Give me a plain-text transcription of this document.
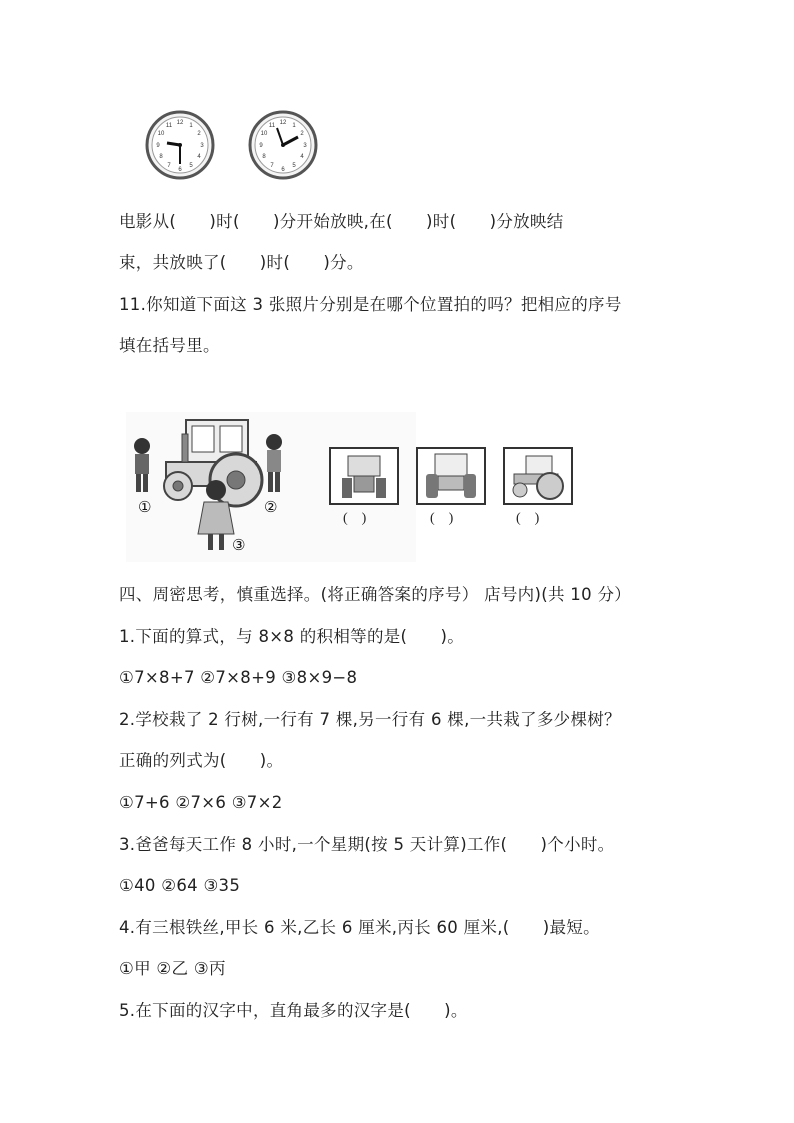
12 1
2
3
4
5
6
7
8
9
10
11	12 1
2
3
4
5
6
7
8
9
10
11
电影从(      )时(      )分开始放映,在(      )时(      )分放映结
束，共放映了(      )时(      )分。
11.你知道下面这 3 张照片分别是在哪个位置拍的吗？把相应的序号
填在括号里。
①	②
③
(    )	(    )	(    )
四、周密思考，慎重选择。(将正确答案的序号） 店号内)(共 10 分）
1.下面的算式，与 8×8 的积相等的是(      )。
①7×8+7 ②7×8+9 ③8×9−8
2.学校栽了 2 行树,一行有 7 棵,另一行有 6 棵,一共栽了多少棵树？
正确的列式为(      )。
①7+6 ②7×6 ③7×2
3.爸爸每天工作 8 小时,一个星期(按 5 天计算)工作(      )个小时。
①40 ②64 ③35
4.有三根铁丝,甲长 6 米,乙长 6 厘米,丙长 60 厘米,(      )最短。
①甲 ②乙 ③丙
5.在下面的汉字中，直角最多的汉字是(      )。
